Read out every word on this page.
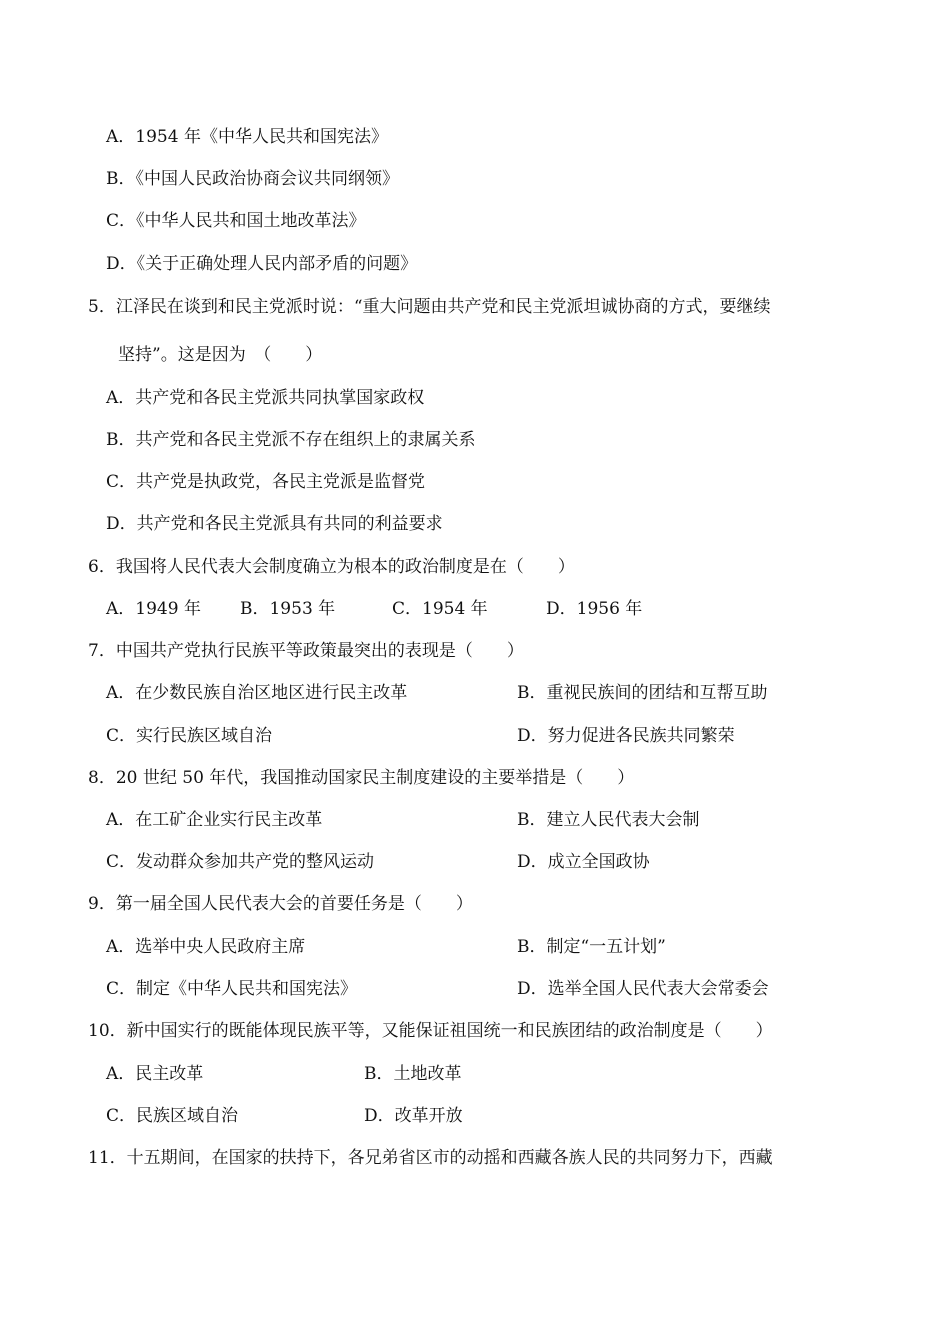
A．1954 年《中华人民共和国宪法》
B．《中国人民政治协商会议共同纲领》
C．《中华人民共和国土地改革法》
D．《关于正确处理人民内部矛盾的问题》
5．江泽民在谈到和民主党派时说：“重大问题由共产党和民主党派坦诚协商的方式，要继续
坚持”。这是因为　（　　）
A．共产党和各民主党派共同执掌国家政权
B．共产党和各民主党派不存在组织上的隶属关系
C．共产党是执政党，各民主党派是监督党
D．共产党和各民主党派具有共同的利益要求
6．我国将人民代表大会制度确立为根本的政治制度是在（　　）
A．1949 年 B．1953 年	C．1954 年	D．1956 年
7．中国共产党执行民族平等政策最突出的表现是（　　）
A．在少数民族自治区地区进行民主改革	B．重视民族间的团结和互帮互助
C．实行民族区域自治	D．努力促进各民族共同繁荣
8．20 世纪 50 年代，我国推动国家民主制度建设的主要举措是（　　）
A．在工矿企业实行民主改革	B．建立人民代表大会制
C．发动群众参加共产党的整风运动	D．成立全国政协
9．第一届全国人民代表大会的首要任务是（　　）
A．选举中央人民政府主席	B．制定“一五计划”
C．制定《中华人民共和国宪法》	D．选举全国人民代表大会常委会
10．新中国实行的既能体现民族平等，又能保证祖国统一和民族团结的政治制度是（　　）
A．民主改革	B．土地改革
C．民族区域自治	D．改革开放
11．十五期间，在国家的扶持下，各兄弟省区市的动摇和西藏各族人民的共同努力下，西藏
